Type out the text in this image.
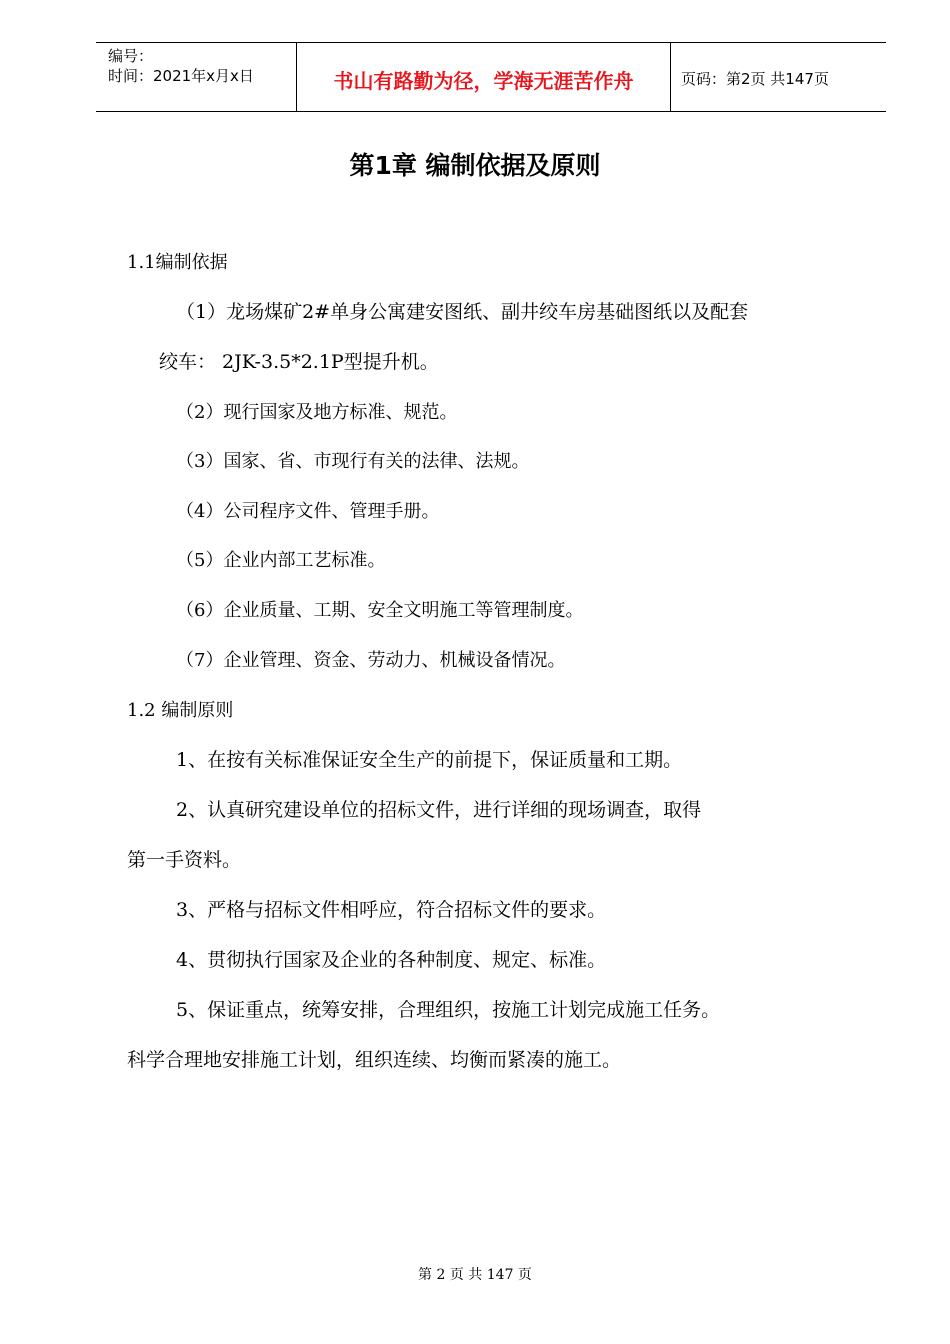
编号：
时间：2021年x月x日	书山有路勤为径，学海无涯苦作舟	页码：第2页 共147页
第1章 编制依据及原则
1.1编制依据
（1）龙场煤矿2#单身公寓建安图纸、副井绞车房基础图纸以及配套
绞车： 2JK-3.5*2.1P型提升机。
（2）现行国家及地方标准、规范。
（3）国家、省、市现行有关的法律、法规。
（4）公司程序文件、管理手册。
（5）企业内部工艺标准。
（6）企业质量、工期、安全文明施工等管理制度。
（7）企业管理、资金、劳动力、机械设备情况。
1.2 编制原则
1、在按有关标准保证安全生产的前提下，保证质量和工期。
2、认真研究建设单位的招标文件，进行详细的现场调查，取得
第一手资料。
3、严格与招标文件相呼应，符合招标文件的要求。
4、贯彻执行国家及企业的各种制度、规定、标准。
5、保证重点，统筹安排，合理组织，按施工计划完成施工任务。
科学合理地安排施工计划，组织连续、均衡而紧凑的施工。
第 2 页 共 147 页
